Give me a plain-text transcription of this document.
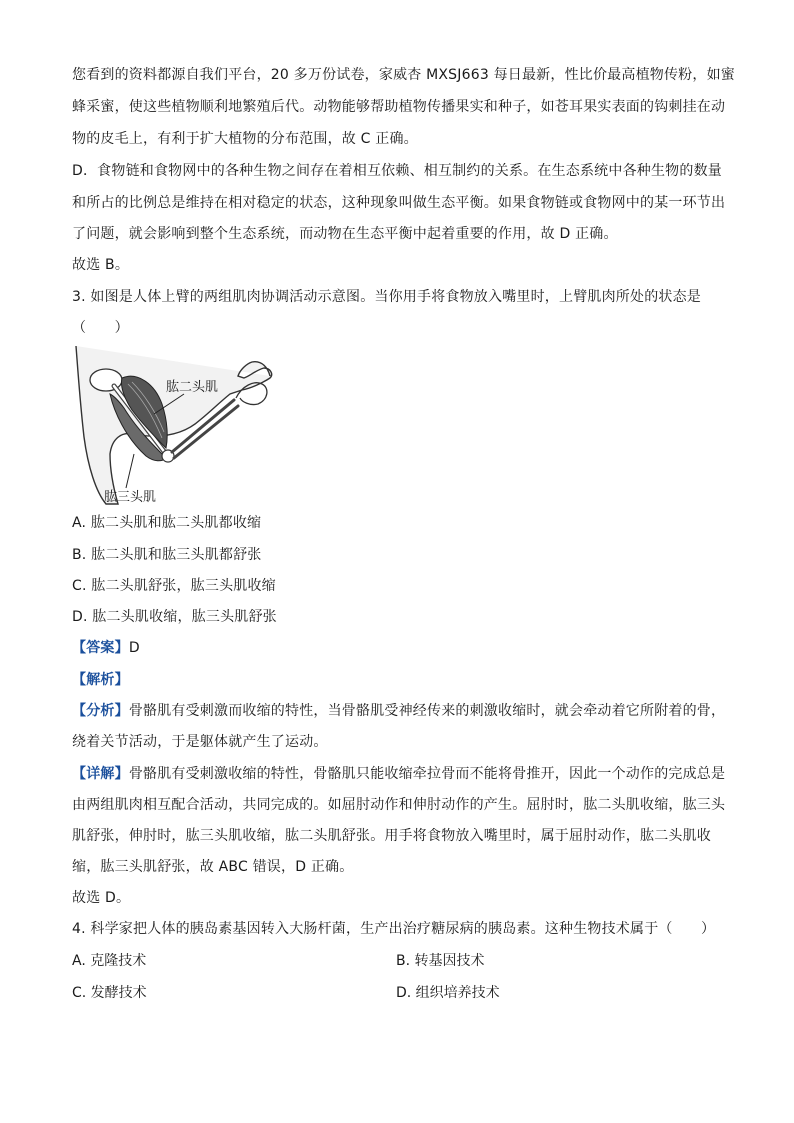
您看到的资料都源自我们平台，20 多万份试卷，家威杏 MXSJ663 每日最新，性比价最高植物传粉，如蜜
蜂采蜜，使这些植物顺利地繁殖后代。动物能够帮助植物传播果实和种子，如苍耳果实表面的钩刺挂在动
物的皮毛上，有利于扩大植物的分布范围，故 C 正确。
D．食物链和食物网中的各种生物之间存在着相互依赖、相互制约的关系。在生态系统中各种生物的数量
和所占的比例总是维持在相对稳定的状态，这种现象叫做生态平衡。如果食物链或食物网中的某一环节出
了问题，就会影响到整个生态系统，而动物在生态平衡中起着重要的作用，故 D 正确。
故选 B。
3. 如图是人体上臂的两组肌肉协调活动示意图。当你用手将食物放入嘴里时，上臂肌肉所处的状态是
（　　）
肱二头肌
肱三头肌
A. 肱二头肌和肱二头肌都收缩
B. 肱二头肌和肱三头肌都舒张
C. 肱二头肌舒张，肱三头肌收缩
D. 肱二头肌收缩，肱三头肌舒张
【答案】D
【解析】
【分析】骨骼肌有受刺激而收缩的特性，当骨骼肌受神经传来的刺激收缩时，就会牵动着它所附着的骨，
绕着关节活动，于是躯体就产生了运动。
【详解】骨骼肌有受刺激收缩的特性，骨骼肌只能收缩牵拉骨而不能将骨推开，因此一个动作的完成总是
由两组肌肉相互配合活动，共同完成的。如屈肘动作和伸肘动作的产生。屈肘时，肱二头肌收缩，肱三头
肌舒张，伸肘时，肱三头肌收缩，肱二头肌舒张。用手将食物放入嘴里时，属于屈肘动作，肱二头肌收
缩，肱三头肌舒张，故 ABC 错误，D 正确。
故选 D。
4. 科学家把人体的胰岛素基因转入大肠杆菌，生产出治疗糖尿病的胰岛素。这种生物技术属于（　　）
A. 克隆技术	B. 转基因技术
C. 发酵技术	D. 组织培养技术
